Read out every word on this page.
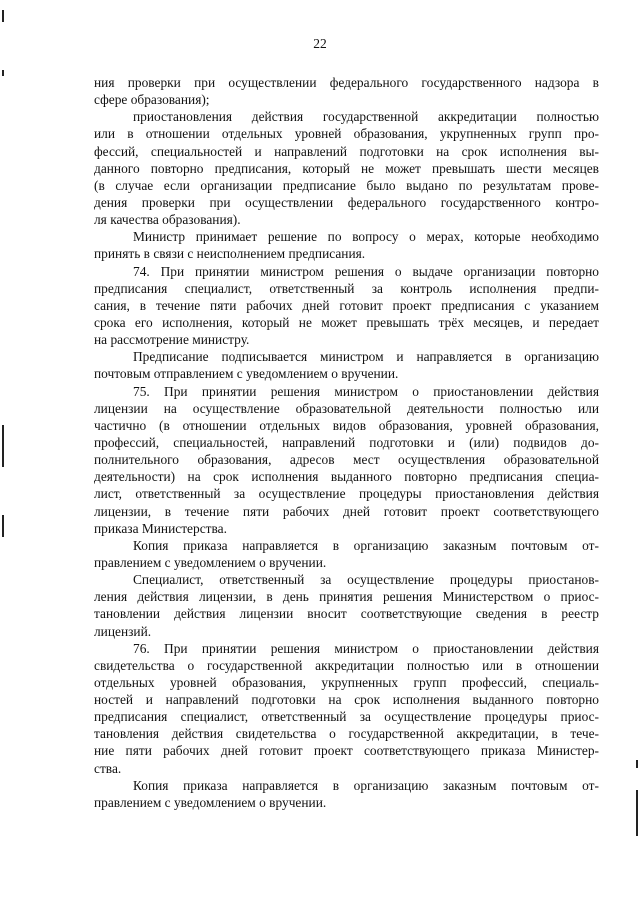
22
ния проверки при осуществлении федерального государственного надзора в
сфере образования);
приостановления действия государственной аккредитации полностью
или в отношении отдельных уровней образования, укрупненных групп про-
фессий, специальностей и направлений подготовки на срок исполнения вы-
данного повторно предписания, который не может превышать шести месяцев
(в случае если организации предписание было выдано по результатам прове-
дения проверки при осуществлении федерального государственного контро-
ля качества образования).
Министр принимает решение по вопросу о мерах, которые необходимо
принять в связи с неисполнением предписания.
74. При принятии министром решения о выдаче организации повторно
предписания специалист, ответственный за контроль исполнения предпи-
сания, в течение пяти рабочих дней готовит проект предписания с указанием
срока его исполнения, который не может превышать трёх месяцев, и передает
на рассмотрение министру.
Предписание подписывается министром и направляется в организацию
почтовым отправлением с уведомлением о вручении.
75. При принятии решения министром о приостановлении действия
лицензии на осуществление образовательной деятельности полностью или
частично (в отношении отдельных видов образования, уровней образования,
профессий, специальностей, направлений подготовки и (или) подвидов до-
полнительного образования, адресов мест осуществления образовательной
деятельности) на срок исполнения выданного повторно предписания специа-
лист, ответственный за осуществление процедуры приостановления действия
лицензии, в течение пяти рабочих дней готовит проект соответствующего
приказа Министерства.
Копия приказа направляется в организацию заказным почтовым от-
правлением с уведомлением о вручении.
Специалист, ответственный за осуществление процедуры приостанов-
ления действия лицензии, в день принятия решения Министерством о приос-
тановлении действия лицензии вносит соответствующие сведения в реестр
лицензий.
76. При принятии решения министром о приостановлении действия
свидетельства о государственной аккредитации полностью или в отношении
отдельных уровней образования, укрупненных групп профессий, специаль-
ностей и направлений подготовки на срок исполнения выданного повторно
предписания специалист, ответственный за осуществление процедуры приос-
тановления действия свидетельства о государственной аккредитации, в тече-
ние пяти рабочих дней готовит проект соответствующего приказа Министер-
ства.
Копия приказа направляется в организацию заказным почтовым от-
правлением с уведомлением о вручении.
